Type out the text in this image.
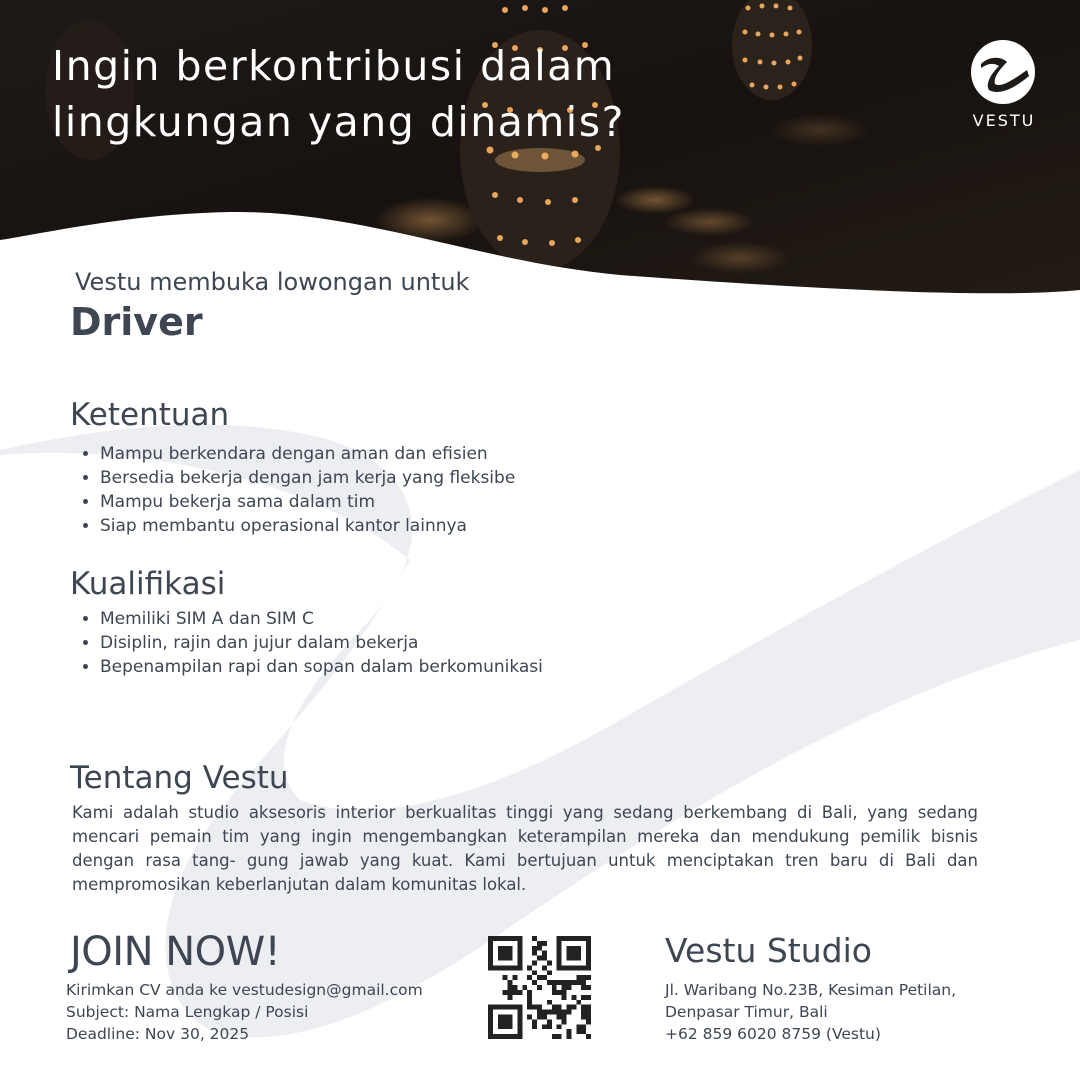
Ingin berkontribusi dalam
lingkungan yang dinamis?	VESTU
Vestu membuka lowongan untuk
Driver
Ketentuan
• Mampu berkendara dengan aman dan efisien
• Bersedia bekerja dengan jam kerja yang fleksibe
• Mampu bekerja sama dalam tim
• Siap membantu operasional kantor lainnya
Kualifikasi
• Memiliki SIM A dan SIM C
• Disiplin, rajin dan jujur dalam bekerja
• Bepenampilan rapi dan sopan dalam berkomunikasi
Tentang Vestu
Kami adalah studio aksesoris interior berkualitas tinggi yang sedang berkembang di Bali, yang sedang mencari pemain tim yang ingin mengembangkan keterampilan mereka dan mendukung pemilik bisnis dengan rasa tang- gung jawab yang kuat. Kami bertujuan untuk menciptakan tren baru di Bali dan mempromosikan keberlanjutan dalam komunitas lokal.
JOIN NOW!
Kirimkan CV anda ke vestudesign@gmail.com
Subject: Nama Lengkap / Posisi
Deadline: Nov 30, 2025
Vestu Studio
Jl. Waribang No.23B, Kesiman Petilan,
Denpasar Timur, Bali
+62 859 6020 8759 (Vestu)
